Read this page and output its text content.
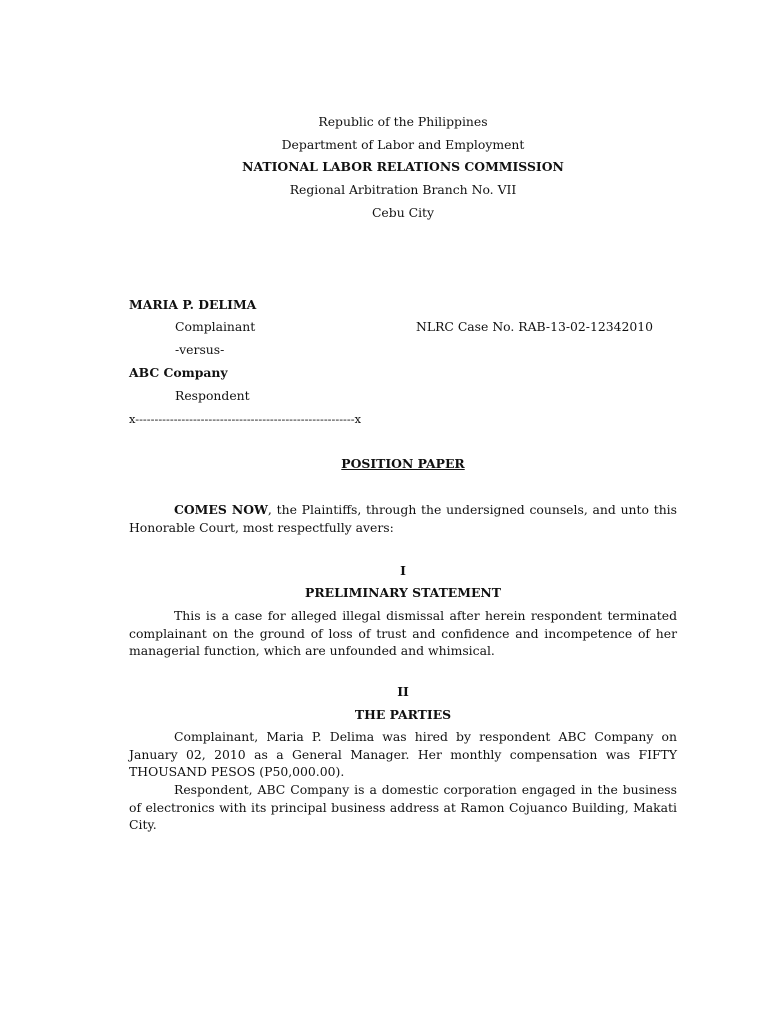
Republic of the Philippines
Department of Labor and Employment
NATIONAL LABOR RELATIONS COMMISSION
Regional Arbitration Branch No. VII
Cebu City
MARIA P. DELIMA
Complainant	NLRC Case No. RAB-13-02-12342010
-versus-
ABC Company
Respondent
x---------------------------------------------------------x
POSITION PAPER

COMES NOW, the Plaintiffs, through the undersigned counsels, and unto this Honorable Court, most respectfully avers:

I
PRELIMINARY STATEMENT

This is a case for alleged illegal dismissal after herein respondent terminated complainant on the ground of loss of trust and confidence and incompetence of her managerial function, which are unfounded and whimsical.

II
THE PARTIES

Complainant, Maria P. Delima was hired by respondent ABC Company on January 02, 2010 as a General Manager. Her monthly compensation was FIFTY THOUSAND PESOS (P50,000.00).

Respondent, ABC Company is a domestic corporation engaged in the business of electronics with its principal business address at Ramon Cojuanco Building, Makati City.
